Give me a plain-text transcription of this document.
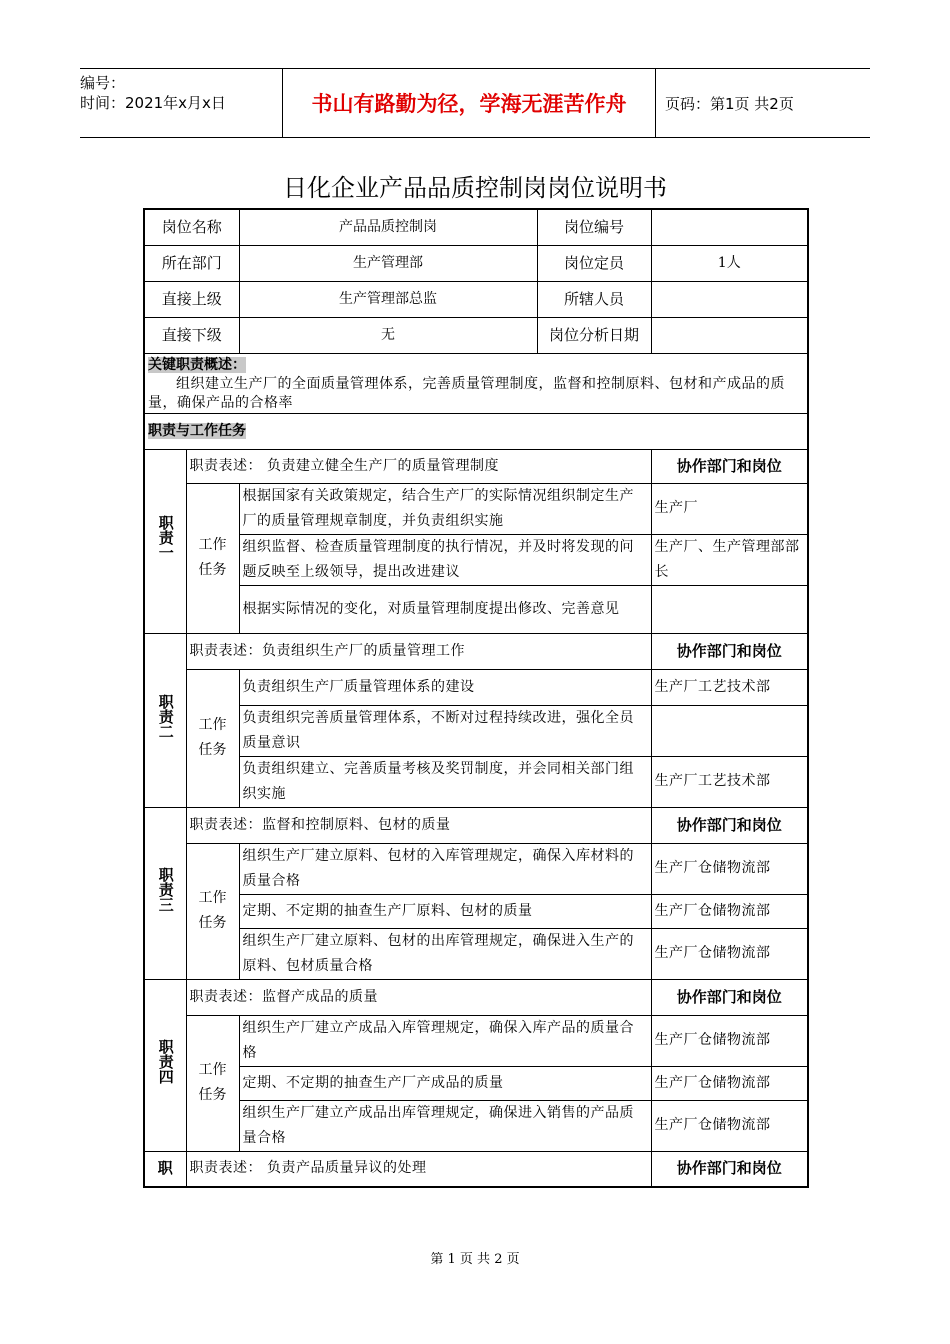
编号：
时间：2021年x月x日	书山有路勤为径，学海无涯苦作舟	页码：第1页 共2页
日化企业产品品质控制岗岗位说明书
岗位名称		产品品质控制岗	岗位编号	
所在部门		生产管理部	岗位定员	1人
直接上级		生产管理部总监	所辖人员	
直接下级		无	岗位分析日期	
关键职责概述：
组织建立生产厂的全面质量管理体系，完善质量管理制度，监督和控制原料、包材和产成品的质量，确保产品的合格率				
职责与工作任务				
职责一	职责表述： 负责建立健全生产厂的质量管理制度			协作部门和岗位
	工作任务	根据国家有关政策规定，结合生产厂的实际情况组织制定生产厂的质量管理规章制度，并负责组织实施		生产厂
		组织监督、检查质量管理制度的执行情况，并及时将发现的问题反映至上级领导，提出改进建议		生产厂、生产管理部部长
		根据实际情况的变化，对质量管理制度提出修改、完善意见		
职责二	职责表述：负责组织生产厂的质量管理工作			协作部门和岗位
	工作任务	负责组织生产厂质量管理体系的建设		生产厂工艺技术部
		负责组织完善质量管理体系，不断对过程持续改进，强化全员质量意识		
		负责组织建立、完善质量考核及奖罚制度，并会同相关部门组织实施		生产厂工艺技术部
职责三	职责表述：监督和控制原料、包材的质量			协作部门和岗位
	工作任务	组织生产厂建立原料、包材的入库管理规定，确保入库材料的质量合格		生产厂仓储物流部
		定期、不定期的抽查生产厂原料、包材的质量		生产厂仓储物流部
		组织生产厂建立原料、包材的出库管理规定，确保进入生产的原料、包材质量合格		生产厂仓储物流部
职责四	职责表述：监督产成品的质量			协作部门和岗位
	工作任务	组织生产厂建立产成品入库管理规定，确保入库产品的质量合格		生产厂仓储物流部
		定期、不定期的抽查生产厂产成品的质量		生产厂仓储物流部
		组织生产厂建立产成品出库管理规定，确保进入销售的产品质量合格		生产厂仓储物流部
职	职责表述： 负责产品质量异议的处理			协作部门和岗位
第 1 页 共 2 页
